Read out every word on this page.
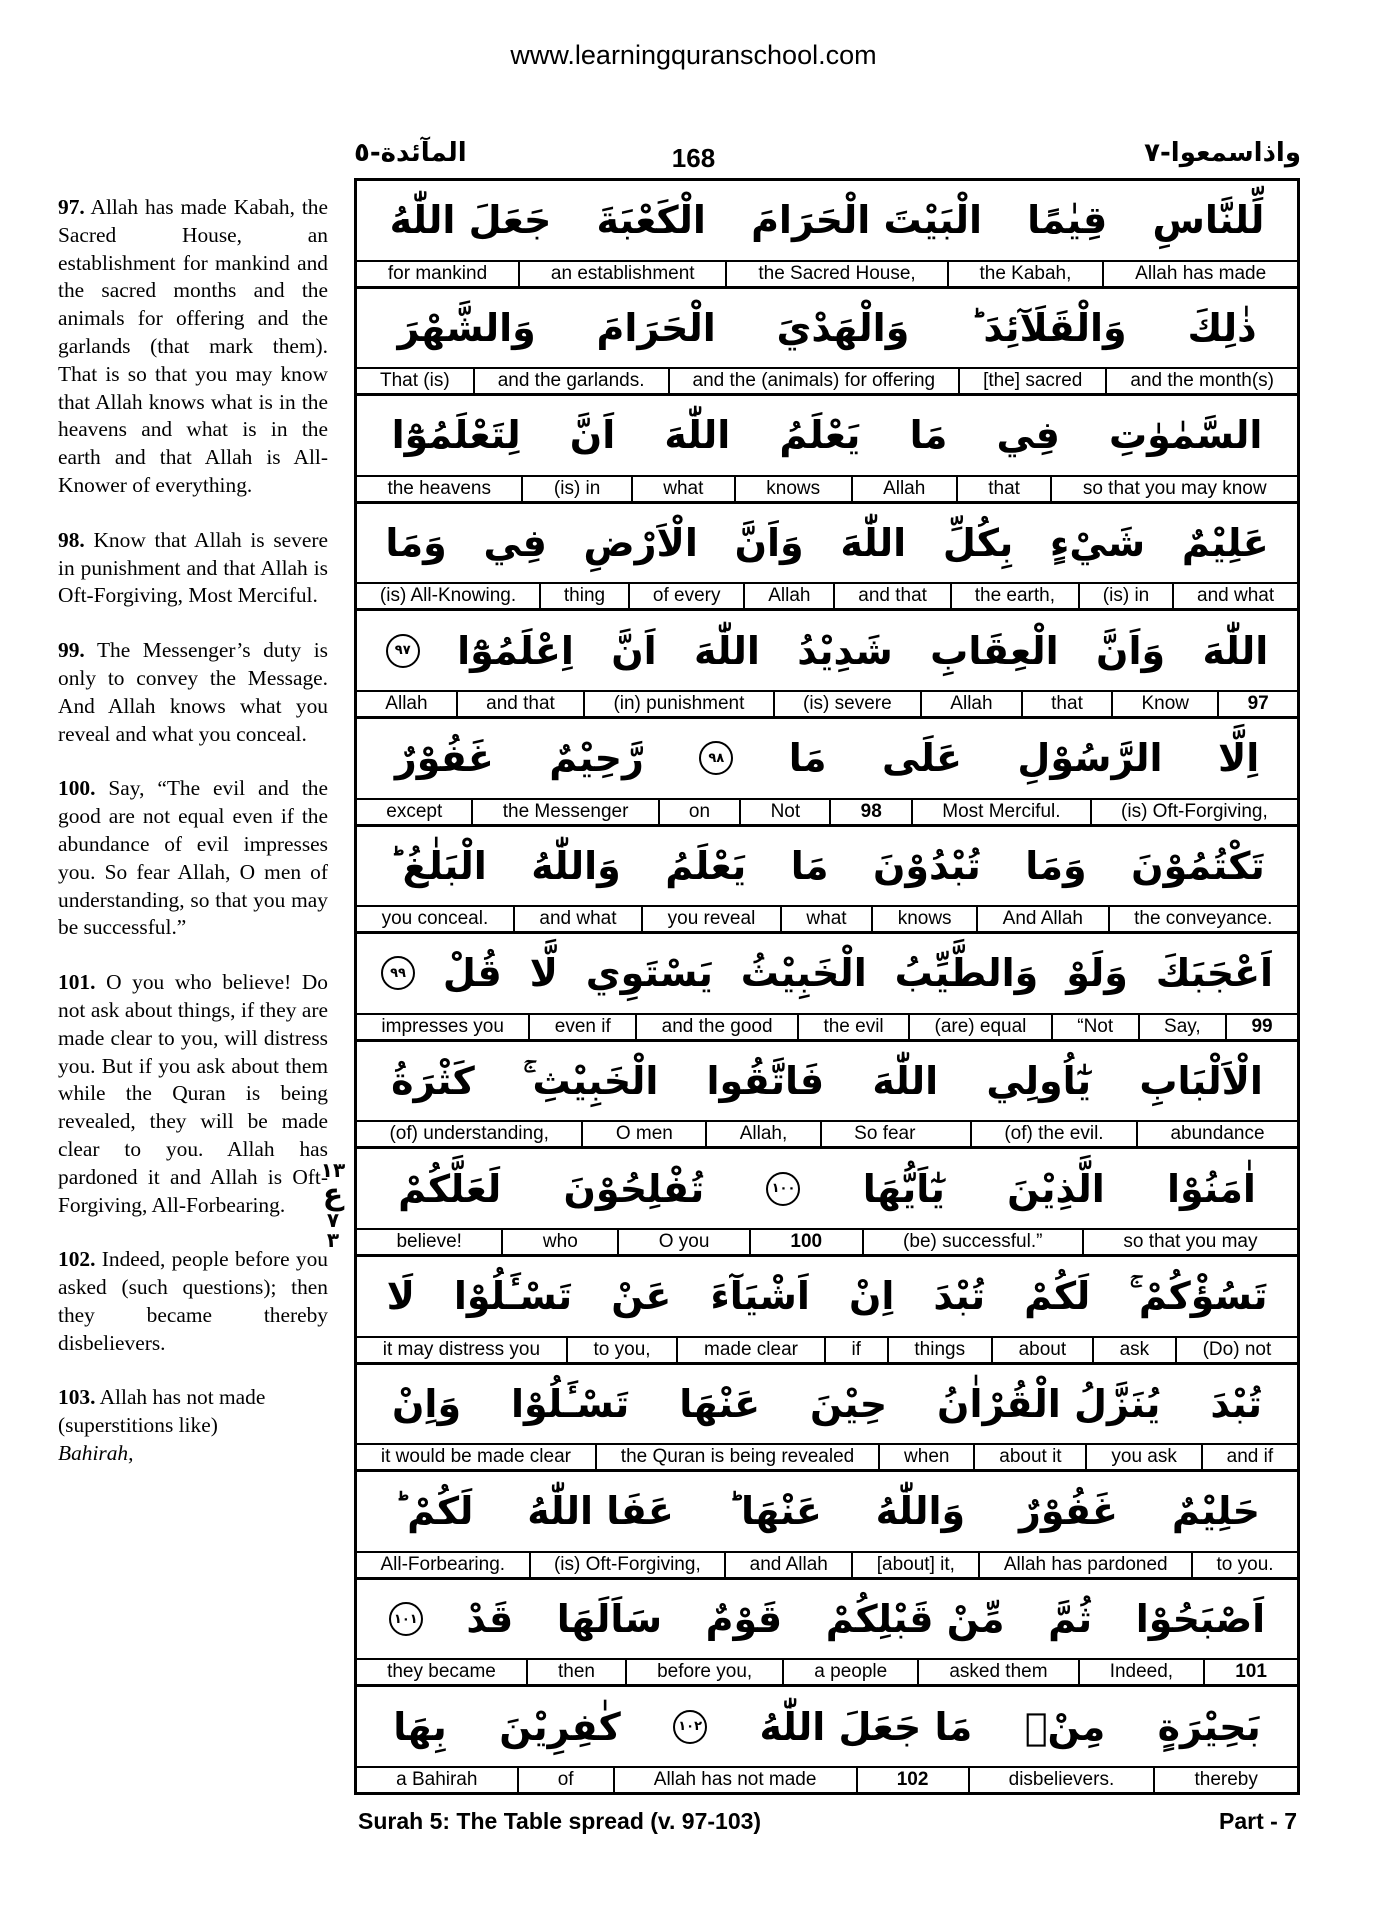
www.learningquranschool.com
المآئدة-٥	168	واذاسمعوا-٧

97. Allah has made Kabah, the Sacred House, an establishment for mankind and the sacred months and the animals for offering and the garlands (that mark them). That is so that you may know that Allah knows what is in the heavens and what is in the earth and that Allah is All-Knower of everything.

98. Know that Allah is severe in punishment and that Allah is Oft-Forgiving, Most Merciful.

99. The Messenger’s duty is only to convey the Message. And Allah knows what you reveal and what you conceal.

100. Say, “The evil and the good are not equal even if the abundance of evil impresses you. So fear Allah, O men of understanding, so that you may be successful.”

101. O you who believe! Do not ask about things, if they are made clear to you, will distress you. But if you ask about them while the Quran is being revealed, they will be made clear to you. Allah has pardoned it and Allah is Oft-Forgiving, All-Forbearing.

102. Indeed, people before you asked (such questions); then they became thereby disbelievers.

103. Allah has not made (superstitions like)
Bahirah,

١٣
ع
٧
٣
جَعَلَ اللّٰهُ الْكَعْبَةَ الْبَيْتَ الْحَرَامَ قِيٰمًا لِّلنَّاسِ
for mankind	an establishment	the Sacred House,	the Kabah,	Allah has made
وَالشَّهْرَ الْحَرَامَ وَالْهَدْيَ وَالْقَلَآئِدَ ؕ ذٰلِكَ
That (is)	and the garlands.	and the (animals) for offering	[the] sacred	and the month(s)
لِتَعْلَمُوْٓا اَنَّ اللّٰهَ يَعْلَمُ مَا فِي السَّمٰوٰتِ
the heavens	(is) in	what	knows	Allah	that	so that you may know
وَمَا فِي الْاَرْضِ وَاَنَّ اللّٰهَ بِكُلِّ شَيْءٍ عَلِيْمٌ
(is) All-Knowing.	thing	of every	Allah	and that	the earth,	(is) in	and what
٩٧ اِعْلَمُوْٓا اَنَّ اللّٰهَ شَدِيْدُ الْعِقَابِ وَاَنَّ اللّٰهَ
Allah	and that	(in) punishment	(is) severe	Allah	that	Know	97
غَفُوْرٌ رَّحِيْمٌ	٩٨ مَا عَلَى الرَّسُوْلِ اِلَّا
except	the Messenger	on	Not	98	Most Merciful.	(is) Oft-Forgiving,
الْبَلٰغُ ؕ وَاللّٰهُ يَعْلَمُ مَا تُبْدُوْنَ وَمَا تَكْتُمُوْنَ
you conceal.	and what	you reveal	what	knows	And Allah	the conveyance.
٩٩ قُلْ لَّا يَسْتَوِي الْخَبِيْثُ وَالطَّيِّبُ وَلَوْ اَعْجَبَكَ
impresses you	even if	and the good	the evil	(are) equal	“Not	Say,	99
كَثْرَةُ الْخَبِيْثِ ۚ فَاتَّقُوا اللّٰهَ يٰٓاُولِي الْاَلْبَابِ
(of) understanding,	O men	Allah,	So fear	(of) the evil.	abundance
لَعَلَّكُمْ تُفْلِحُوْنَ	١٠٠ يٰٓاَيُّهَا الَّذِيْنَ اٰمَنُوْا
believe!	who	O you	100	(be) successful.”	so that you may
لَا تَسْـَٔلُوْا عَنْ اَشْيَآءَ اِنْ تُبْدَ لَكُمْ تَسُؤْكُمْ ۚ
it may distress you	to you,	made clear	if	things	about	ask	(Do) not
وَاِنْ تَسْـَٔلُوْا عَنْهَا حِيْنَ يُنَزَّلُ الْقُرْاٰنُ تُبْدَ
it would be made clear	the Quran is being revealed	when	about it	you ask	and if
لَكُمْ ؕ عَفَا اللّٰهُ عَنْهَا ؕ وَاللّٰهُ غَفُوْرٌ حَلِيْمٌ
All-Forbearing.	(is) Oft-Forgiving,	and Allah	[about] it,	Allah has pardoned	to you.
١٠١ قَدْ سَاَلَهَا قَوْمٌ مِّنْ قَبْلِكُمْ ثُمَّ اَصْبَحُوْا
they became	then	before you,	a people	asked them	Indeed,	101
بِهَا كٰفِرِيْنَ	١٠٢ مَا جَعَلَ اللّٰهُ مِنْۢ بَحِيْرَةٍ
a Bahirah	of	Allah has not made	102	disbelievers.	thereby
Surah 5: The Table spread (v. 97-103)	Part - 7
